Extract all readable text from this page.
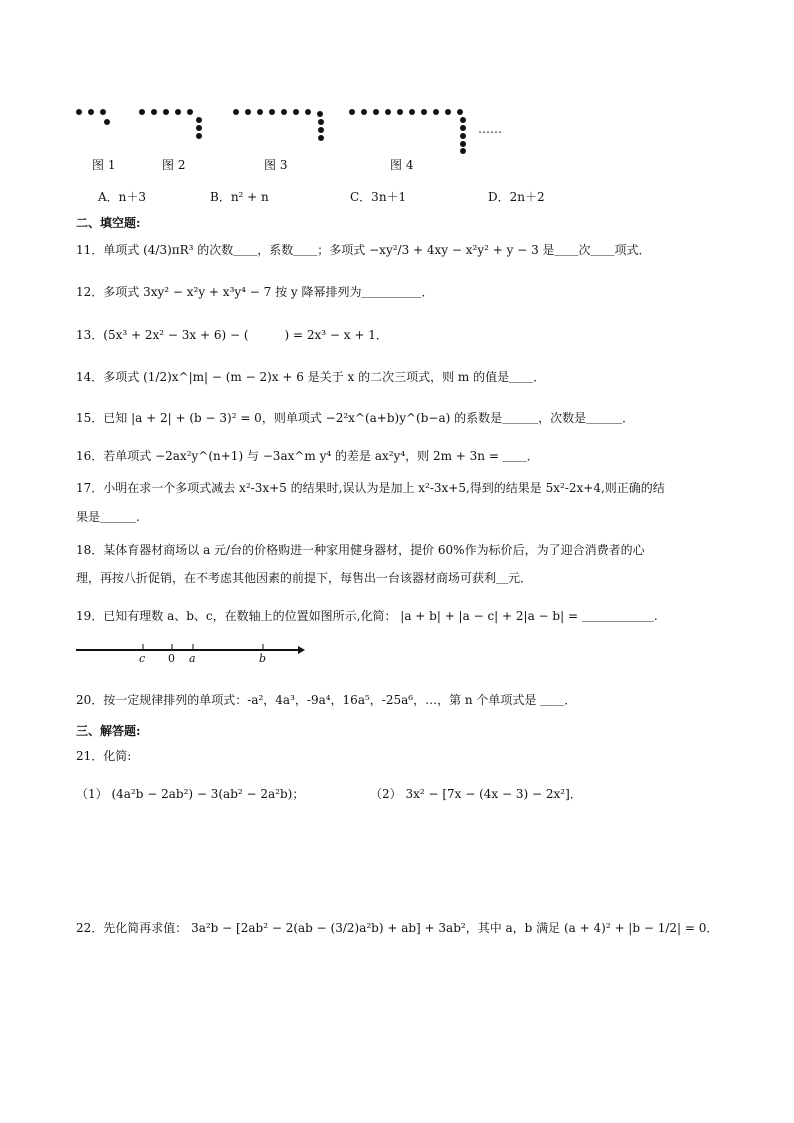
……
图 1	图 2	图 3	图 4
A．n＋3	B．n² + n	C．3n＋1	D．2n＋2
二、填空题:
11．单项式 (4/3)πR³ 的次数＿＿，系数＿＿；多项式 −xy²/3 + 4xy − x²y² + y − 3 是＿＿次＿＿项式．
12．多项式 3xy² − x²y + x³y⁴ − 7 按 y 降幂排列为＿＿＿＿＿．
13．(5x³ + 2x² − 3x + 6) − (　　　) = 2x³ − x + 1．
14．多项式 (1/2)x^|m| − (m − 2)x + 6 是关于 x 的二次三项式，则 m 的值是＿＿．
15．已知 |a + 2| + (b − 3)² = 0，则单项式 −2²x^(a+b)y^(b−a) 的系数是＿＿＿，次数是＿＿＿．
16．若单项式 −2ax²y^(n+1) 与 −3ax^m y⁴ 的差是 ax²y⁴，则 2m + 3n = ＿＿．
17．小明在求一个多项式减去 x²-3x+5 的结果时,误认为是加上 x²-3x+5,得到的结果是 5x²-2x+4,则正确的结
果是＿＿＿.
18．某体育器材商场以 a 元/台的价格购进一种家用健身器材，提价 60%作为标价后，为了迎合消费者的心
理，再按八折促销，在不考虑其他因素的前提下，每售出一台该器材商场可获利＿元．
19．已知有理数 a、b、c，在数轴上的位置如图所示,化简： |a + b| + |a − c| + 2|a − b| = ＿＿＿＿＿＿.
c 0 a	b
20．按一定规律排列的单项式：-a²，4a³，-9a⁴，16a⁵，-25a⁶，…，第 n 个单项式是 ＿＿．
三、解答题:
21．化简:
（1） (4a²b − 2ab²) − 3(ab² − 2a²b)；	（2） 3x² − [7x − (4x − 3) − 2x²]．
22．先化简再求值： 3a²b − [2ab² − 2(ab − (3/2)a²b) + ab] + 3ab²，其中 a，b 满足 (a + 4)² + |b − 1/2| = 0．
